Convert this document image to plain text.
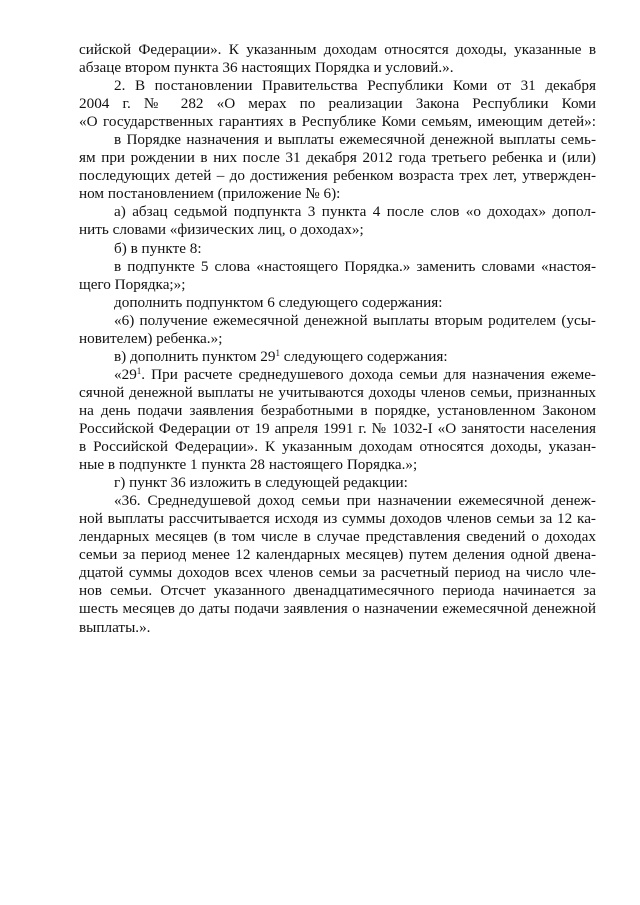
сийской Федерации». К указанным доходам относятся доходы, указанные в
абзаце втором пункта 36 настоящих Порядка и условий.».
2. В постановлении Правительства Республики Коми от 31 декабря
2004 г. № 282 «О мерах по реализации Закона Республики Коми
«О государственных гарантиях в Республике Коми семьям, имеющим детей»:
в Порядке назначения и выплаты ежемесячной денежной выплаты семь-
ям при рождении в них после 31 декабря 2012 года третьего ребенка и (или)
последующих детей – до достижения ребенком возраста трех лет, утвержден-
ном постановлением (приложение № 6):
а) абзац седьмой подпункта 3 пункта 4 после слов «о доходах» допол-
нить словами «физических лиц, о доходах»;
б) в пункте 8:
в подпункте 5 слова «настоящего Порядка.» заменить словами «настоя-
щего Порядка;»;
дополнить подпунктом 6 следующего содержания:
«6) получение ежемесячной денежной выплаты вторым родителем (усы-
новителем) ребенка.»;
в) дополнить пунктом $29^1$ следующего содержания:
«$29^1$. При расчете среднедушевого дохода семьи для назначения ежеме-
сячной денежной выплаты не учитываются доходы членов семьи, признанных
на день подачи заявления безработными в порядке, установленном Законом
Российской Федерации от 19 апреля 1991 г. № 1032-I «О занятости населения
в Российской Федерации». К указанным доходам относятся доходы, указан-
ные в подпункте 1 пункта 28 настоящего Порядка.»;
г) пункт 36 изложить в следующей редакции:
«36. Среднедушевой доход семьи при назначении ежемесячной денеж-
ной выплаты рассчитывается исходя из суммы доходов членов семьи за 12 ка-
лендарных месяцев (в том числе в случае представления сведений о доходах
семьи за период менее 12 календарных месяцев) путем деления одной двена-
дцатой суммы доходов всех членов семьи за расчетный период на число чле-
нов семьи. Отсчет указанного двенадцатимесячного периода начинается за
шесть месяцев до даты подачи заявления о назначении ежемесячной денежной
выплаты.».
